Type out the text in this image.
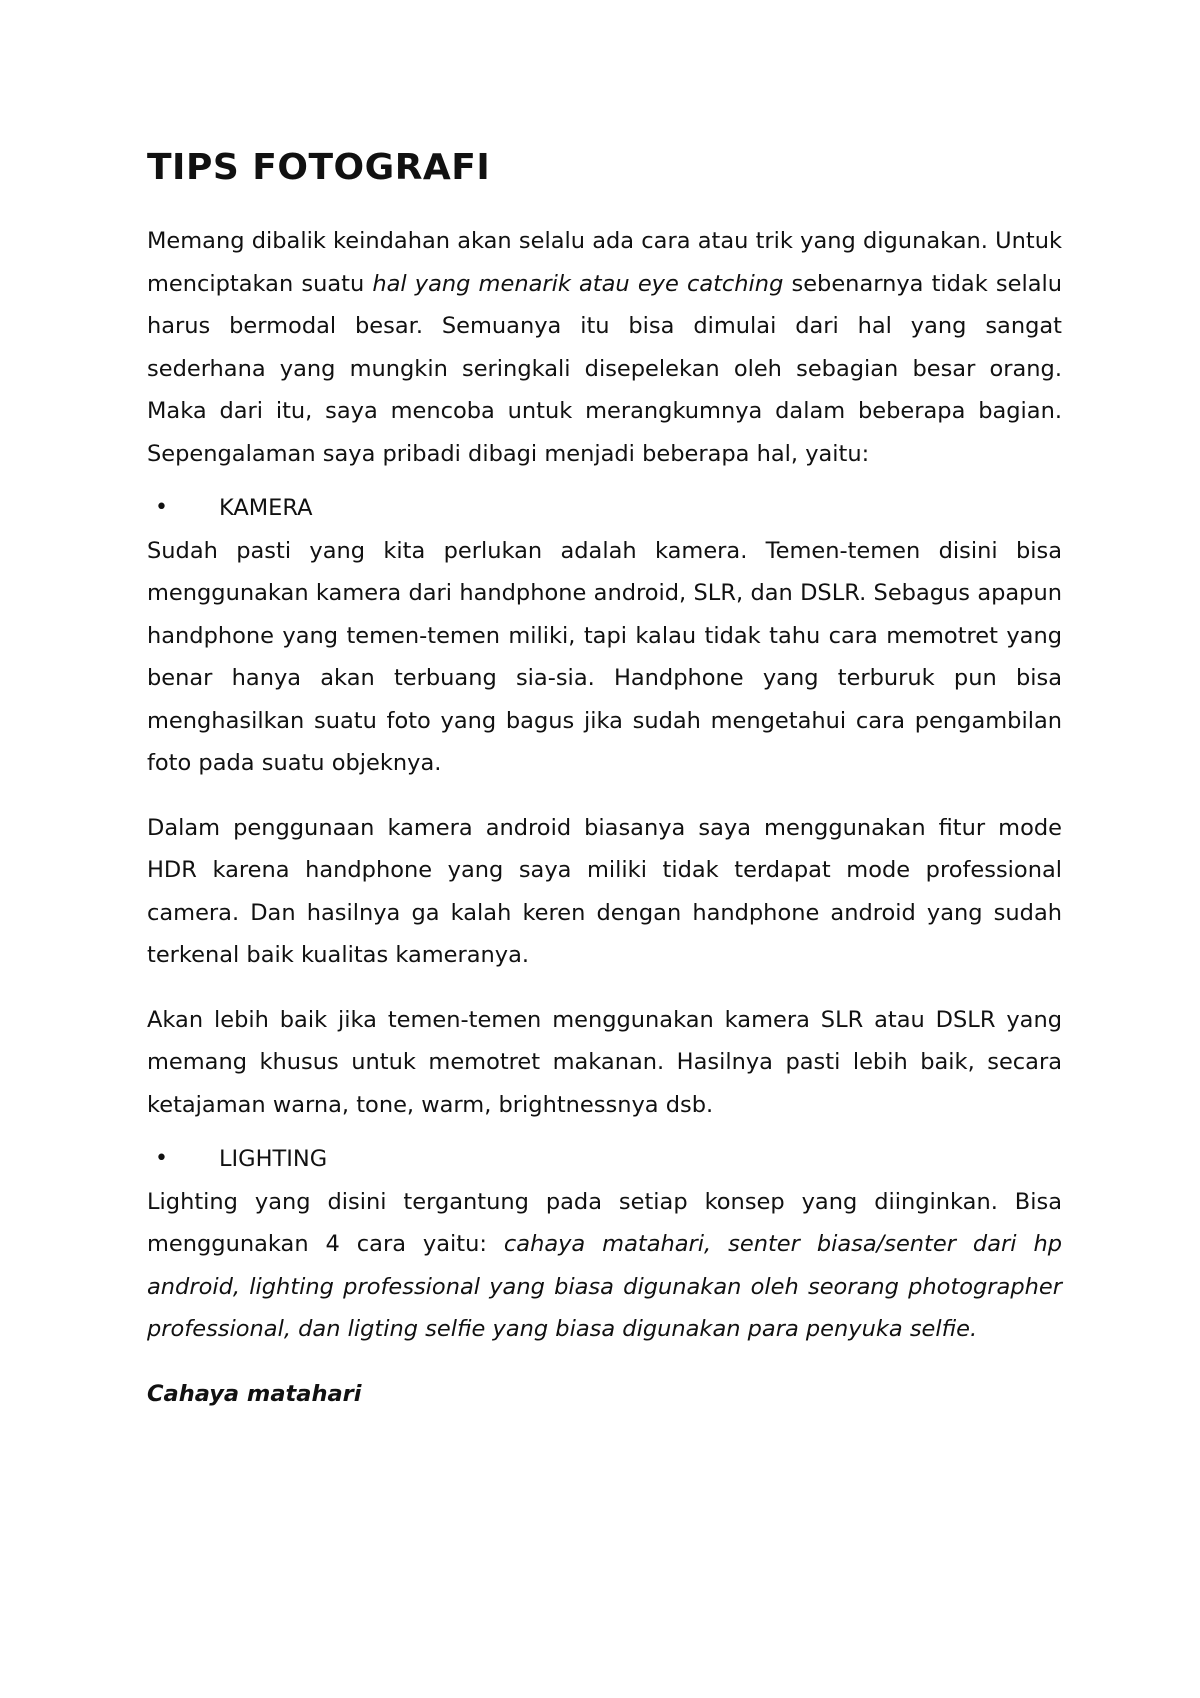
TIPS FOTOGRAFI

Memang dibalik keindahan akan selalu ada cara atau trik yang digunakan. Untuk menciptakan suatu hal yang menarik atau eye catching sebenarnya tidak selalu harus bermodal besar. Semuanya itu bisa dimulai dari hal yang sangat sederhana yang mungkin seringkali disepelekan oleh sebagian besar orang. Maka dari itu, saya mencoba untuk merangkumnya dalam beberapa bagian. Sepengalaman saya pribadi dibagi menjadi beberapa hal, yaitu:

•	KAMERA

Sudah pasti yang kita perlukan adalah kamera. Temen-temen disini bisa menggunakan kamera dari handphone android, SLR, dan DSLR. Sebagus apapun handphone yang temen-temen miliki, tapi kalau tidak tahu cara memotret yang benar hanya akan terbuang sia-sia. Handphone yang terburuk pun bisa menghasilkan suatu foto yang bagus jika sudah mengetahui cara pengambilan foto pada suatu objeknya.

Dalam penggunaan kamera android biasanya saya menggunakan fitur mode HDR karena handphone yang saya miliki tidak terdapat mode professional camera. Dan hasilnya ga kalah keren dengan handphone android yang sudah terkenal baik kualitas kameranya.

Akan lebih baik jika temen-temen menggunakan kamera SLR atau DSLR yang memang khusus untuk memotret makanan. Hasilnya pasti lebih baik, secara ketajaman warna, tone, warm, brightnessnya dsb.

•	LIGHTING

Lighting yang disini tergantung pada setiap konsep yang diinginkan. Bisa menggunakan 4 cara yaitu: cahaya matahari, senter biasa/senter dari hp android, lighting professional yang biasa digunakan oleh seorang photographer professional, dan ligting selfie yang biasa digunakan para penyuka selfie.

Cahaya matahari
